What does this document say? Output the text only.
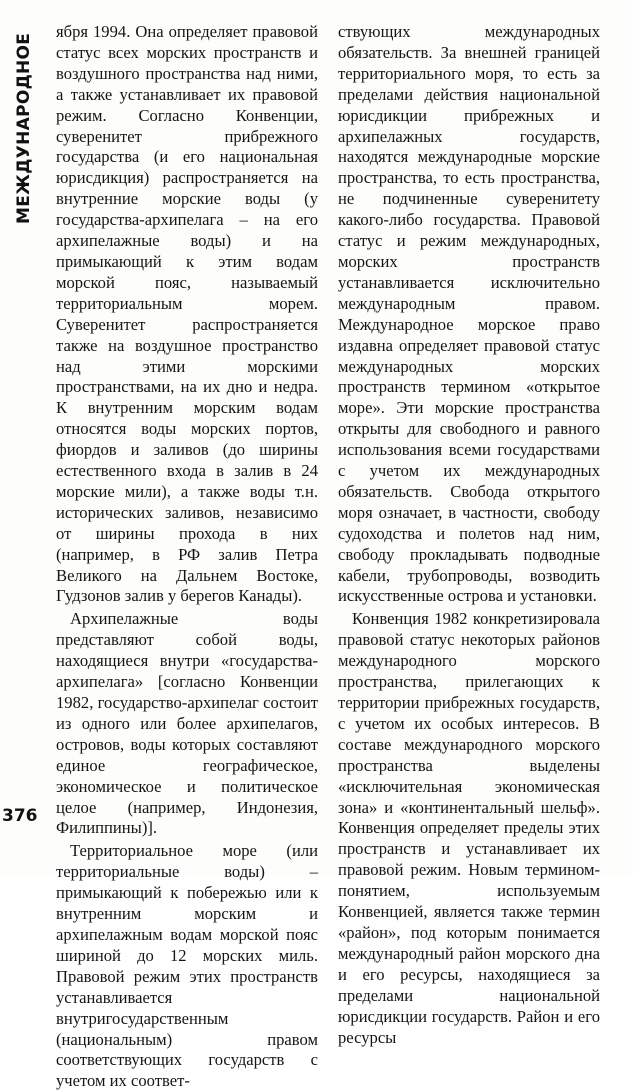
МЕЖДУНАРОДНОЕ
376

ября 1994. Она определяет правовой статус всех морских пространств и воздушного пространства над ними, а также устанавливает их правовой режим. Согласно Конвенции, суверенитет прибрежного государства (и его национальная юрисдикция) распространяется на внутренние морские воды (у государства-архипелага – на его архипелажные воды) и на примыкающий к этим водам морской пояс, называемый территориальным морем. Суверенитет распространяется также на воздушное пространство над этими морскими пространствами, на их дно и недра. К внутренним морским водам относятся воды морских портов, фиордов и заливов (до ширины естественного входа в залив в 24 морские мили), а также воды т.н. исторических заливов, независимо от ширины прохода в них (например, в РФ залив Петра Великого на Дальнем Востоке, Гудзонов залив у берегов Канады).

Архипелажные воды представляют собой воды, находящиеся внутри «государства-архипелага» [согласно Конвенции 1982, государство-архипелаг состоит из одного или более архипелагов, островов, воды которых составляют единое географическое, экономическое и политическое целое (например, Индонезия, Филиппины)].

Территориальное море (или территориальные воды) – примыкающий к побережью или к внутренним морским и архипелажным водам морской пояс шириной до 12 морских миль. Правовой режим этих пространств устанавливается внутригосударственным (национальным) правом соответствующих государств с учетом их соответ-

ствующих международных обязательств. За внешней границей территориального моря, то есть за пределами действия национальной юрисдикции прибрежных и архипелажных государств, находятся международные морские пространства, то есть пространства, не подчиненные суверенитету какого-либо государства. Правовой статус и режим международных, морских пространств устанавливается исключительно международным правом. Международное морское право издавна определяет правовой статус международных морских пространств термином «открытое море». Эти морские пространства открыты для свободного и равного использования всеми государствами с учетом их международных обязательств. Свобода открытого моря означает, в частности, свободу судоходства и полетов над ним, свободу прокладывать подводные кабели, трубопроводы, возводить искусственные острова и установки.

Конвенция 1982 конкретизировала правовой статус некоторых районов международного морского пространства, прилегающих к территории прибрежных государств, с учетом их особых интересов. В составе международного морского пространства выделены «исключительная экономическая зона» и «континентальный шельф». Конвенция определяет пределы этих пространств и устанавливает их правовой режим. Новым термином-понятием, используемым Конвенцией, является также термин «район», под которым понимается международный район морского дна и его ресурсы, находящиеся за пределами национальной юрисдикции государств. Район и его ресурсы
